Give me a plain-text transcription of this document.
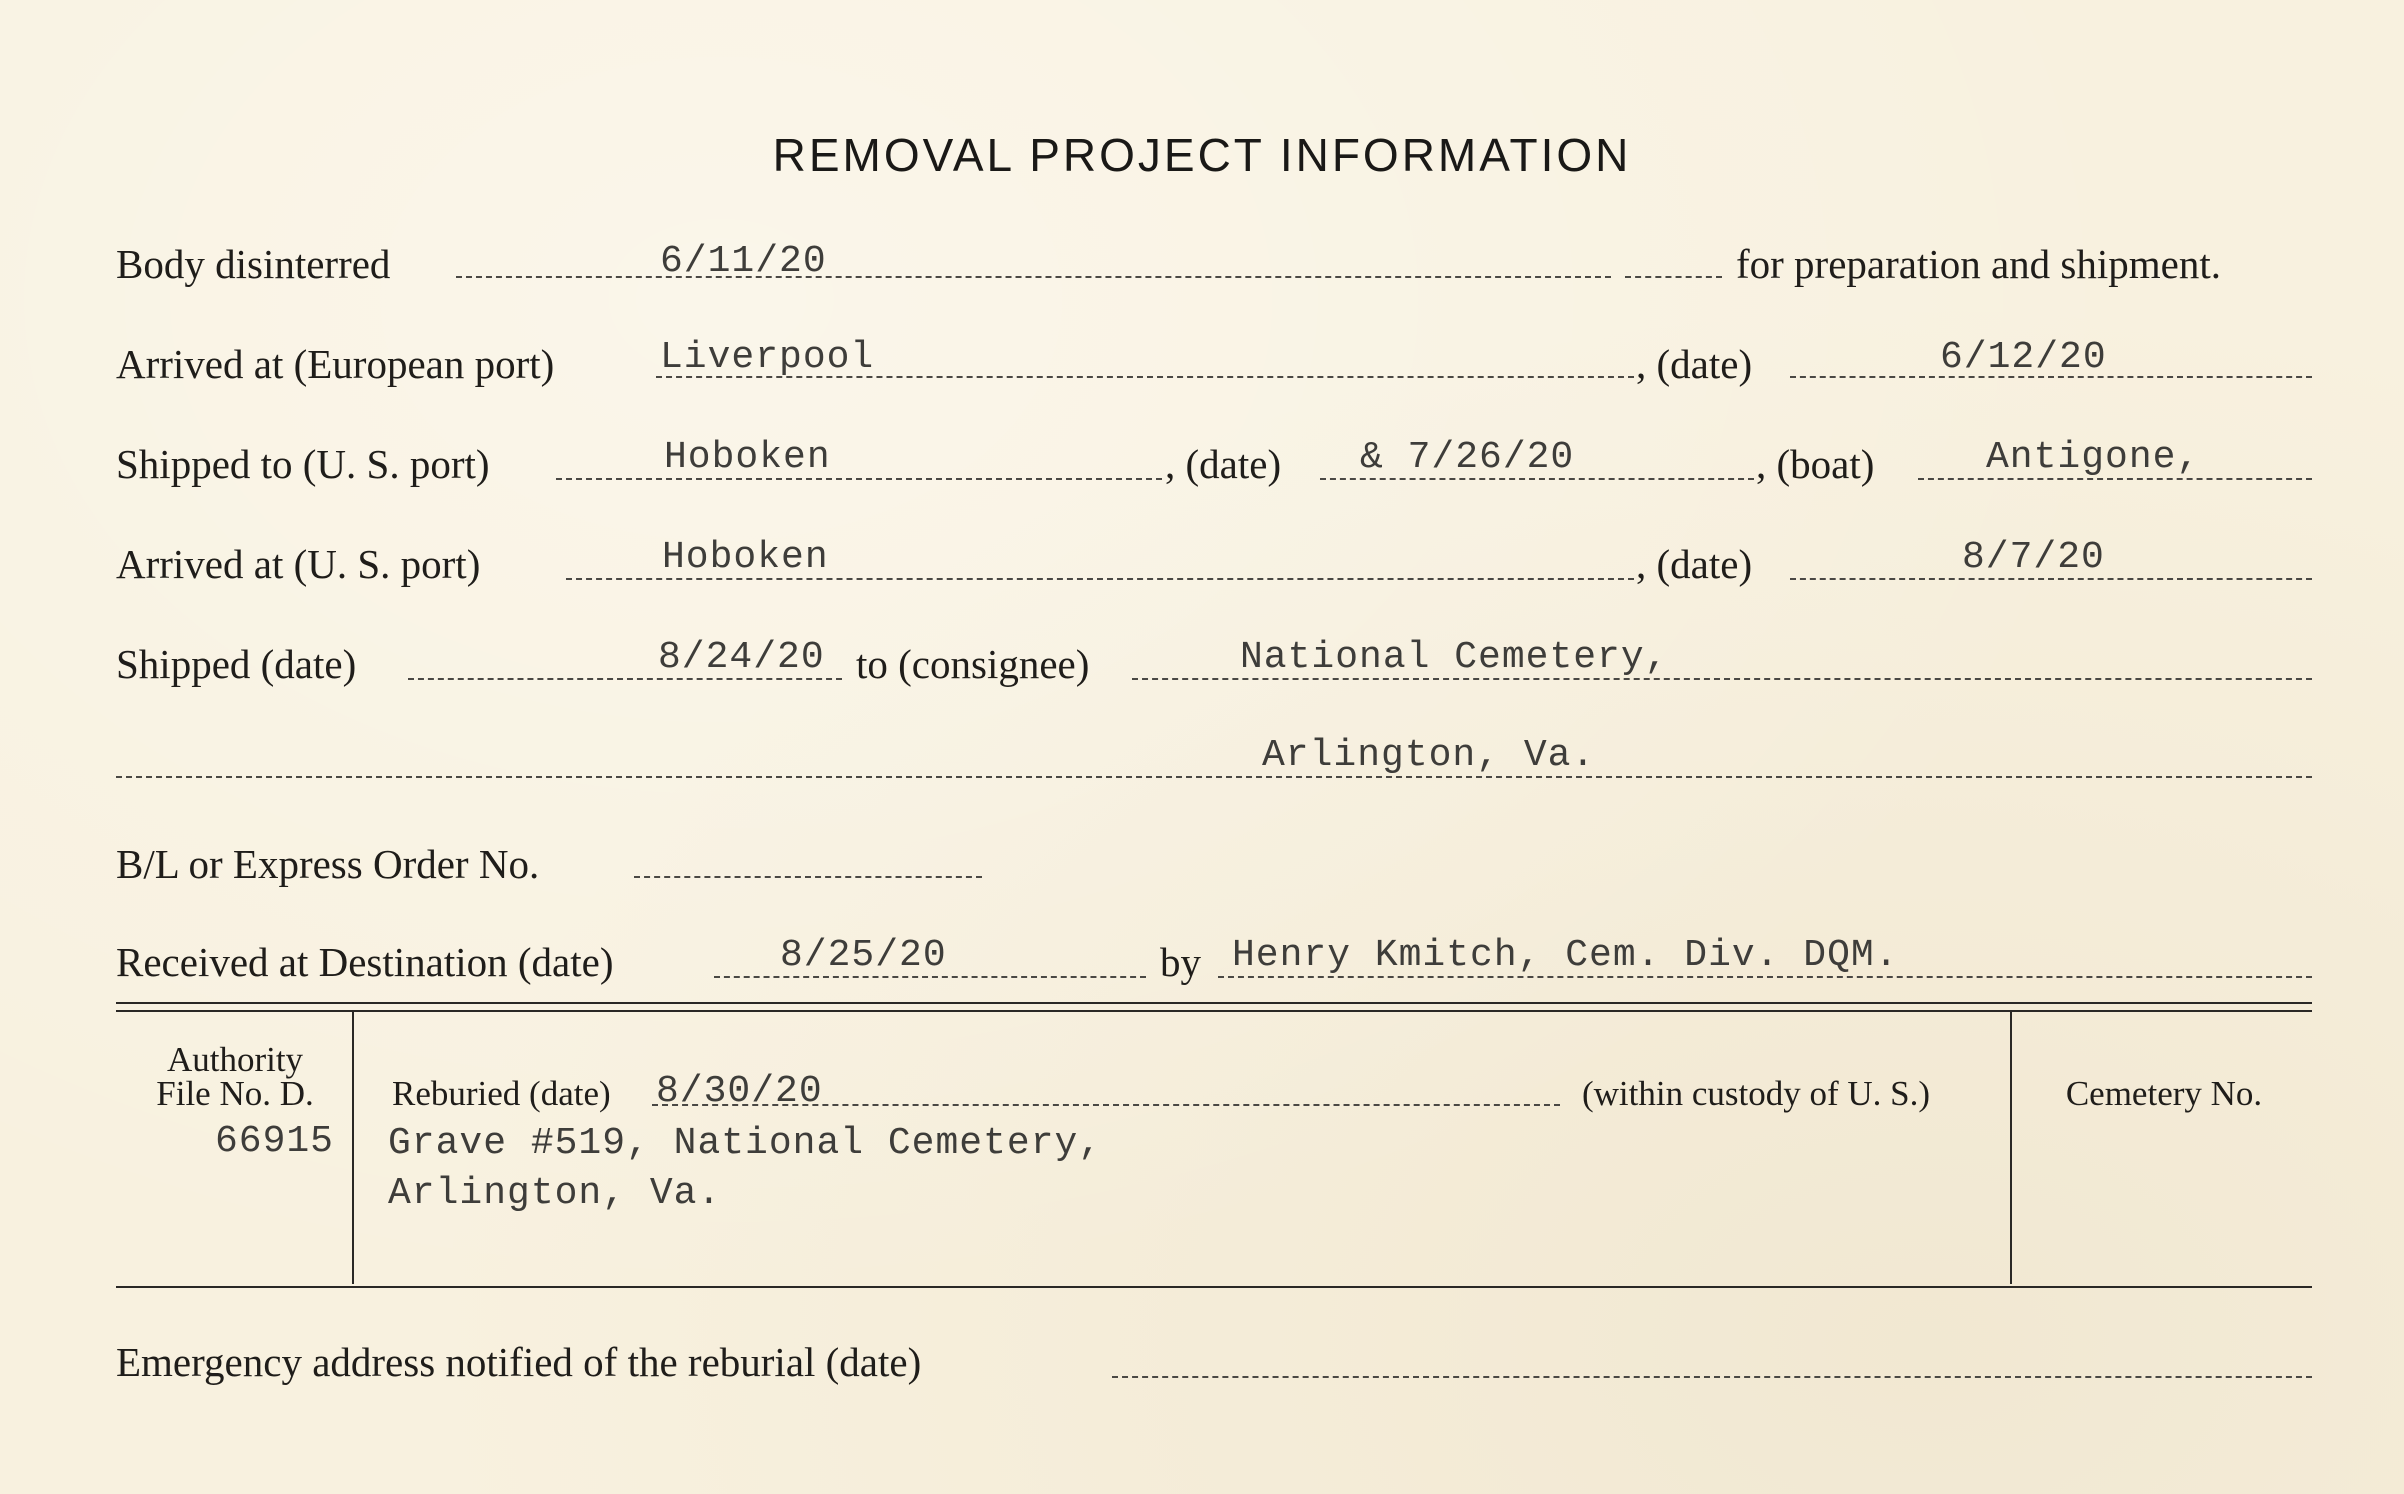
REMOVAL PROJECT INFORMATION
Body disinterred	6/11/20	for preparation and shipment.
Arrived at (European port)	Liverpool	, (date)	6/12/20
Shipped to (U. S. port)	Hoboken	, (date) & 7/26/20	, (boat)	Antigone,
Arrived at (U. S. port)	Hoboken	, (date)	8/7/20
Shipped (date)	8/24/20 to (consignee)	National Cemetery,
Arlington, Va.
B/L or Express Order No.
Received at Destination (date)	8/25/20	by Henry Kmitch, Cem. Div. DQM.
Authority
File No. D.
66915
Reburied (date) 8/30/20	(within custody of U. S.)
Grave #519, National Cemetery,
Arlington, Va.
Cemetery No.
Emergency address notified of the reburial (date)
